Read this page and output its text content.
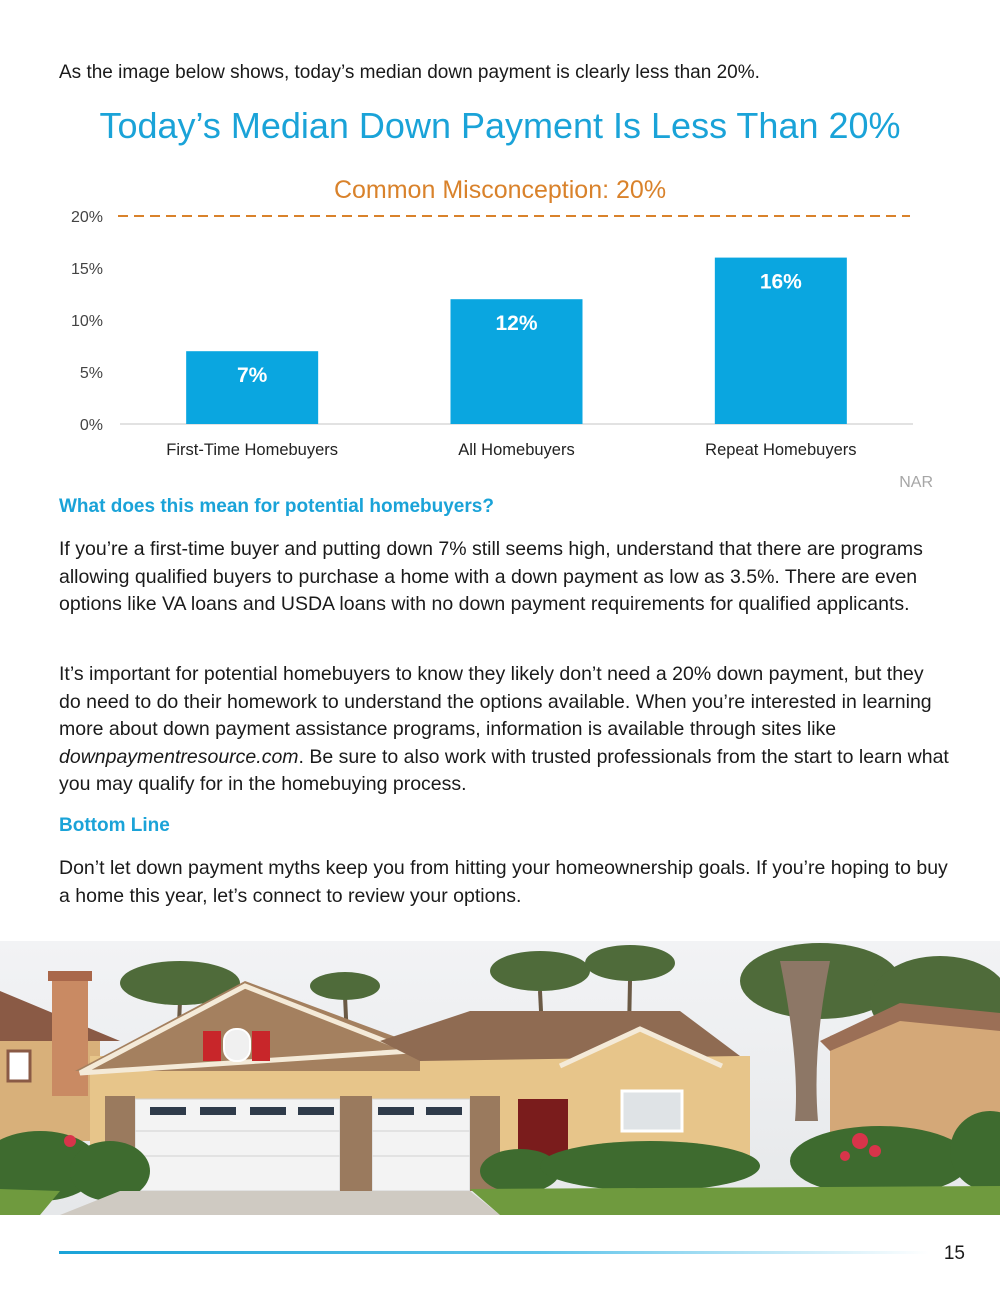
As the image below shows, today’s median down payment is clearly less than 20%.
Today’s Median Down Payment Is Less Than 20%
Common Misconception: 20%
0%
5%
10%
15%
20%
7%
12%
16%
First-Time Homebuyers	All Homebuyers	Repeat Homebuyers
NAR
What does this mean for potential homebuyers?

If you’re a first-time buyer and putting down 7% still seems high, understand that there are programs allowing qualified buyers to purchase a home with a down payment as low as 3.5%. There are even options like VA loans and USDA loans with no down payment requirements for qualified applicants.

It’s important for potential homebuyers to know they likely don’t need a 20% down payment, but they do need to do their homework to understand the options available. When you’re interested in learning more about down payment assistance programs, information is available through sites like downpaymentresource.com. Be sure to also work with trusted professionals from the start to learn what you may qualify for in the homebuying process.

Bottom Line

Don’t let down payment myths keep you from hitting your homeownership goals. If you’re hoping to buy a home this year, let’s connect to review your options.

15
